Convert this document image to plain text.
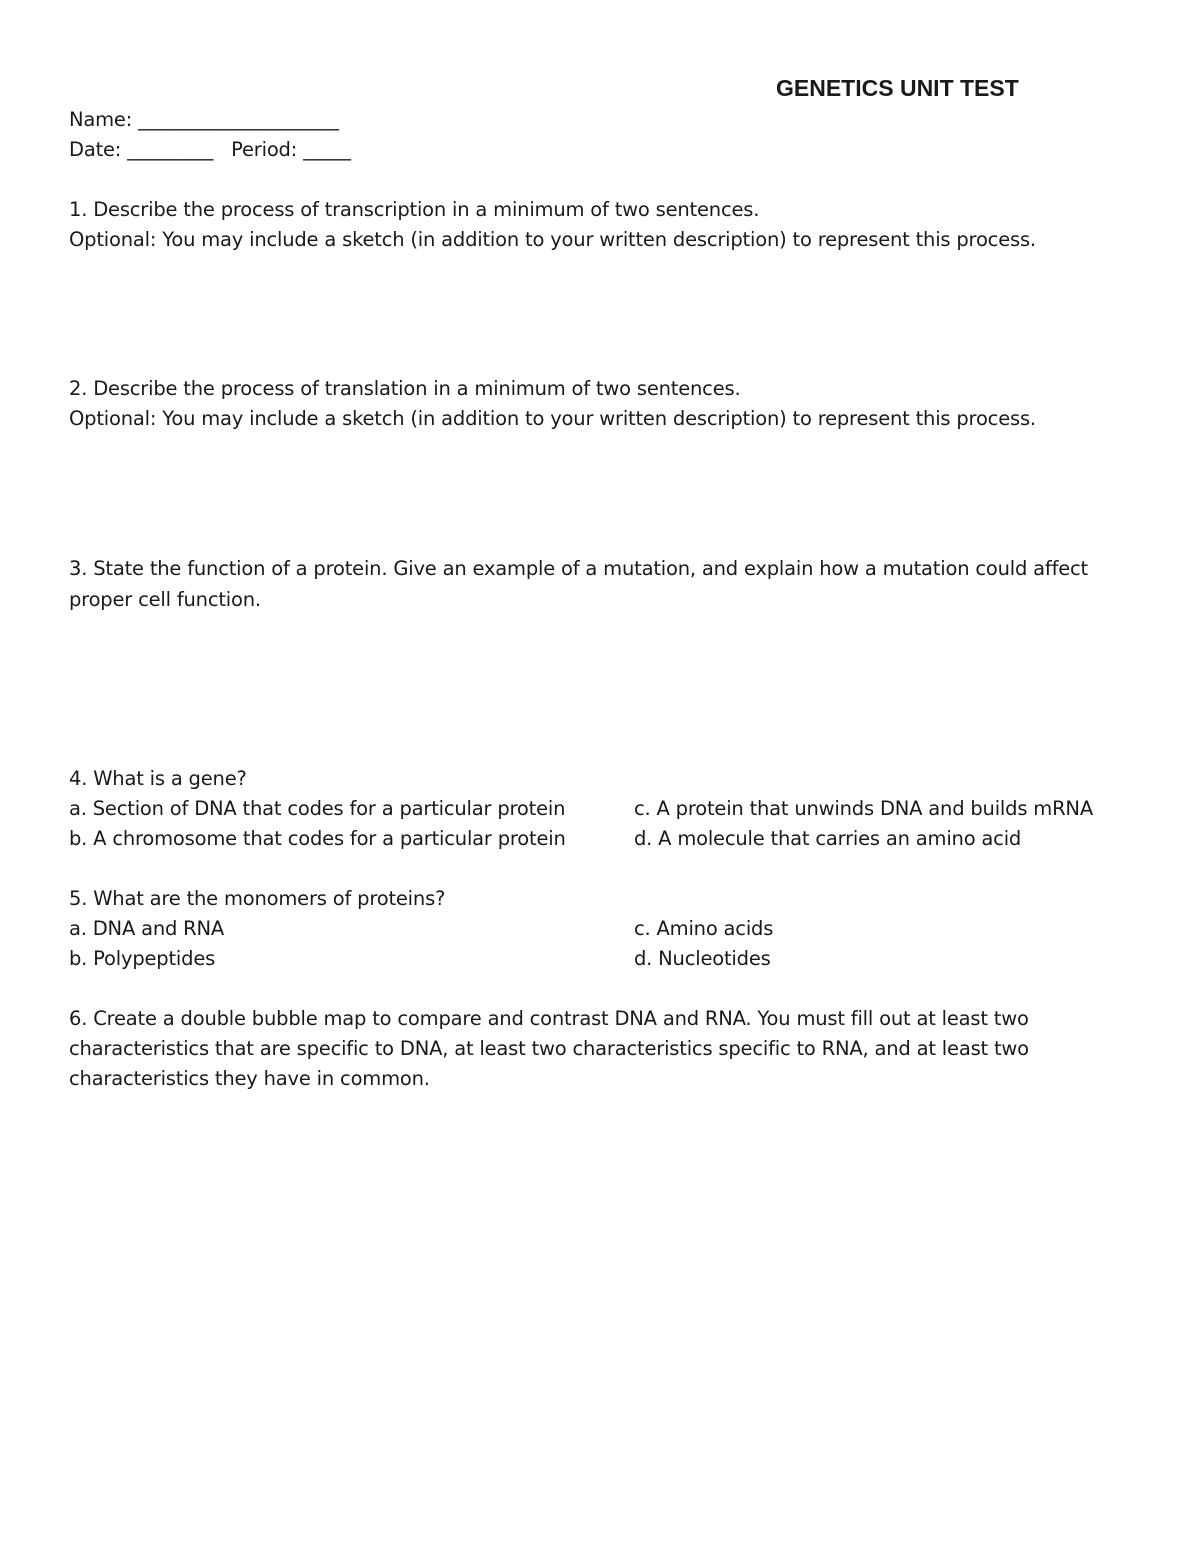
GENETICS UNIT TEST
Name: _____________________
Date: _________   Period: _____
1. Describe the process of transcription in a minimum of two sentences.
Optional: You may include a sketch (in addition to your written description) to represent this process.
2. Describe the process of translation in a minimum of two sentences.
Optional: You may include a sketch (in addition to your written description) to represent this process.
3. State the function of a protein. Give an example of a mutation, and explain how a mutation could affect
proper cell function.
4. What is a gene?
a. Section of DNA that codes for a particular protein
b. A chromosome that codes for a particular protein
c. A protein that unwinds DNA and builds mRNA
d. A molecule that carries an amino acid
5. What are the monomers of proteins?
a. DNA and RNA
b. Polypeptides
c. Amino acids
d. Nucleotides
6. Create a double bubble map to compare and contrast DNA and RNA. You must fill out at least two
characteristics that are specific to DNA, at least two characteristics specific to RNA, and at least two
characteristics they have in common.
